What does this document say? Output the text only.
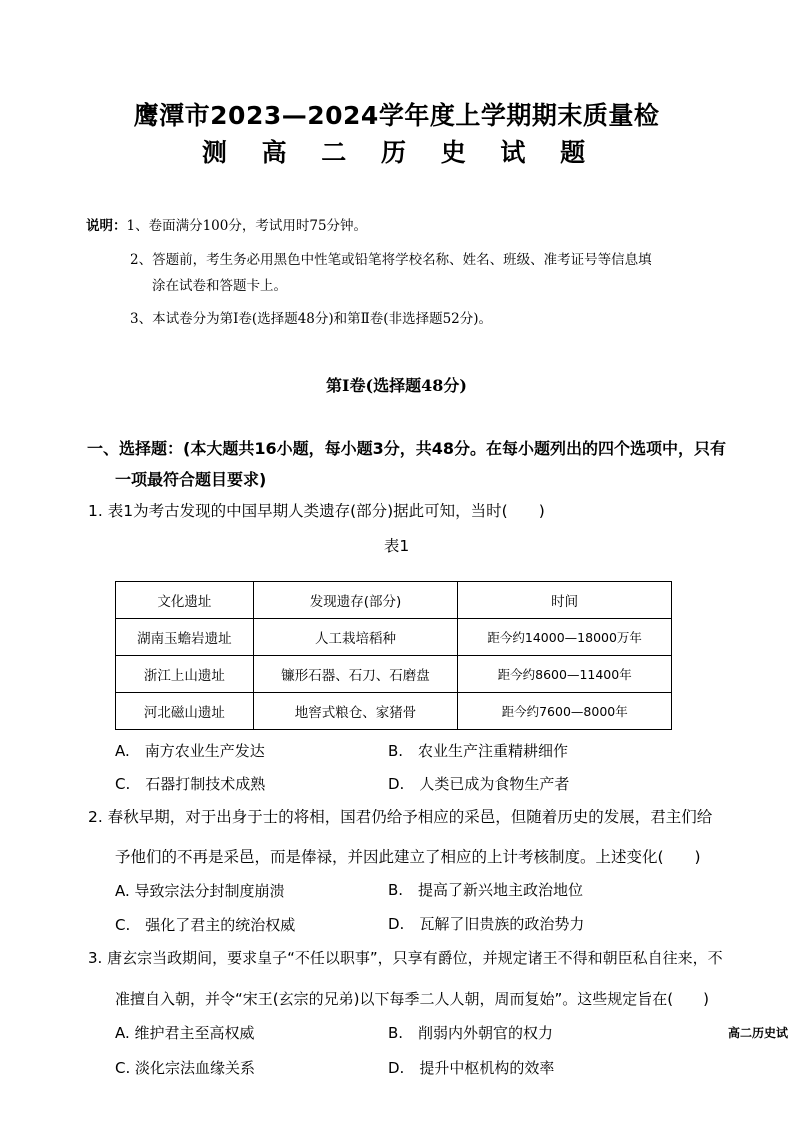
鹰潭市2023—2024学年度上学期期末质量检
测 高 二 历 史 试 题
说明：1、卷面满分100分，考试用时75分钟。
2、答题前，考生务必用黑色中性笔或铅笔将学校名称、姓名、班级、准考证号等信息填
涂在试卷和答题卡上。
3、本试卷分为第Ⅰ卷(选择题48分)和第Ⅱ卷(非选择题52分)。
第Ⅰ卷(选择题48分)
一、选择题：(本大题共16小题，每小题3分，共48分。在每小题列出的四个选项中，只有
一项最符合题目要求)
1. 表1为考古发现的中国早期人类遗存(部分)据此可知，当时(　　)
表1
文化遗址	发现遗存(部分)	时间
湖南玉蟾岩遗址	人工栽培稻种	距今约14000—18000万年
浙江上山遗址	镰形石器、石刀、石磨盘	距今约8600—11400年
河北磁山遗址	地窖式粮仓、家猪骨	距今约7600—8000年
A.　南方农业生产发达	B.　农业生产注重精耕细作
C.　石器打制技术成熟	D.　人类已成为食物生产者
2. 春秋早期，对于出身于士的将相，国君仍给予相应的采邑，但随着历史的发展，君主们给
予他们的不再是采邑，而是俸禄，并因此建立了相应的上计考核制度。上述变化(　　)
A. 导致宗法分封制度崩溃	B.　提高了新兴地主政治地位
C.　强化了君主的统治权威	D.　瓦解了旧贵族的政治势力
3. 唐玄宗当政期间，要求皇子“不任以职事”，只享有爵位，并规定诸王不得和朝臣私自往来，不
准擅自入朝，并令“宋王(玄宗的兄弟)以下每季二人人朝，周而复始”。这些规定旨在(　　)
A. 维护君主至高权威	B.　削弱内外朝官的权力
C. 淡化宗法血缘关系	D.　提升中枢机构的效率
高二历史试
